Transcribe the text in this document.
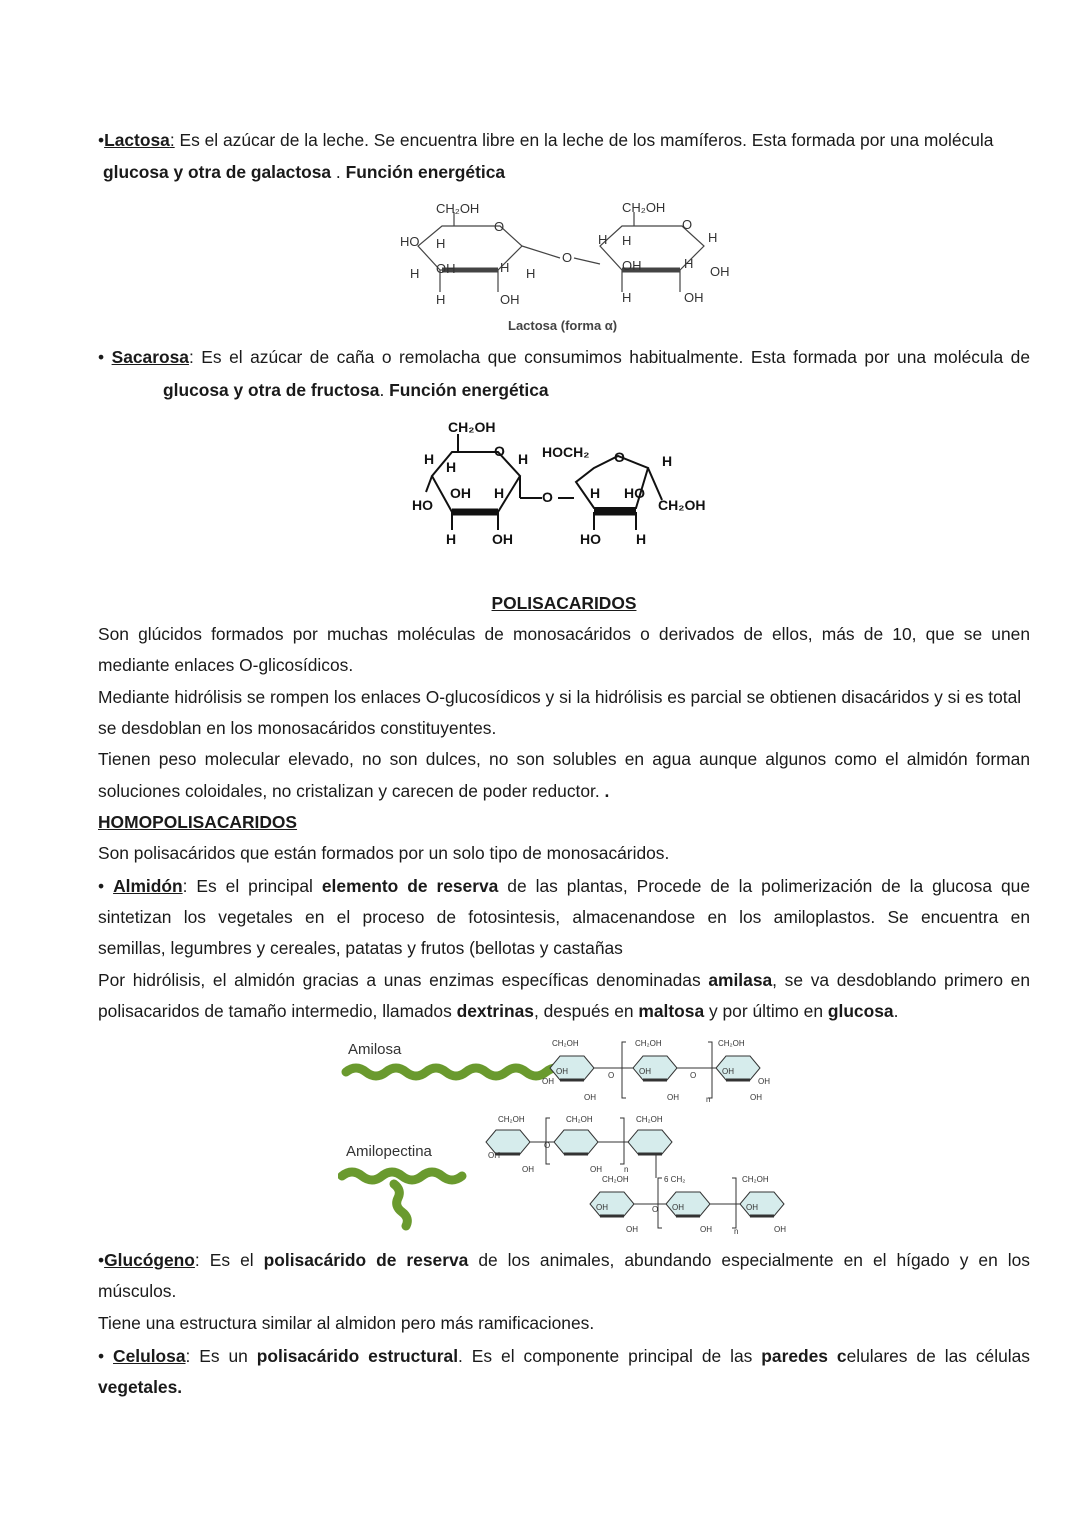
•Lactosa: Es el azúcar de la leche. Se encuentra libre en la leche de los mamíferos. Esta formada por una molécula
glucosa y otra de galactosa . Función energética
CH₂OH
O
HO H
H OH	H H
H	OH
O
CH₂OH
O
H H	H
OH	H
OH
H	OH
Lactosa (forma α)
• Sacarosa: Es el azúcar de caña o remolacha que consumimos habitualmente. Esta formada por una molécula de
glucosa y otra de fructosa. Función energética
CH₂OH
O
H H	H
HO
OH H
H	OH
O
HOCH₂ O	H
H HO
CH₂OH
HO	H
POLISACARIDOS
Son glúcidos formados por muchas moléculas de monosacáridos o derivados de ellos, más de 10, que se unen
mediante enlaces O-glicosídicos.
Mediante hidrólisis se rompen los enlaces O-glucosídicos y si la hidrólisis es parcial se obtienen disacáridos y si es total
se desdoblan en los monosacáridos constituyentes.
Tienen peso molecular elevado, no son dulces, no son solubles en agua aunque algunos como el almidón forman
soluciones coloidales, no cristalizan y carecen de poder reductor. .
HOMOPOLISACARIDOS
Son polisacáridos que están formados por un solo tipo de monosacáridos.
• Almidón: Es el principal elemento de reserva de las plantas, Procede de la polimerización de la glucosa que
sintetizan los vegetales en el proceso de fotosintesis, almacenandose en los amiloplastos. Se encuentra en
semillas, legumbres y cereales, patatas y frutos (bellotas y castañas
Por hidrólisis, el almidón gracias a unas enzimas específicas denominadas amilasa, se va desdoblando primero en
polisacaridos de tamaño intermedio, llamados dextrinas, después en maltosa y por último en glucosa.
Amilosa	CH₂OH	CH₂OH	CH₂OH
OH	OH	OH
OH
OH	OH	OH
OH
O	O
n
Amilopectina
CH₂OH	CH₂OH	CH₂OH
OH
OH	OH
O
n
CH₂OH	6 CH₂	CH₂OH
OH	OH	OH
OH	OH	OH
O
n
•Glucógeno: Es el polisacárido de reserva de los animales, abundando especialmente en el hígado y en los
músculos.
Tiene una estructura similar al almidon pero más ramificaciones.
• Celulosa: Es un polisacárido estructural. Es el componente principal de las paredes celulares de las células
vegetales.
